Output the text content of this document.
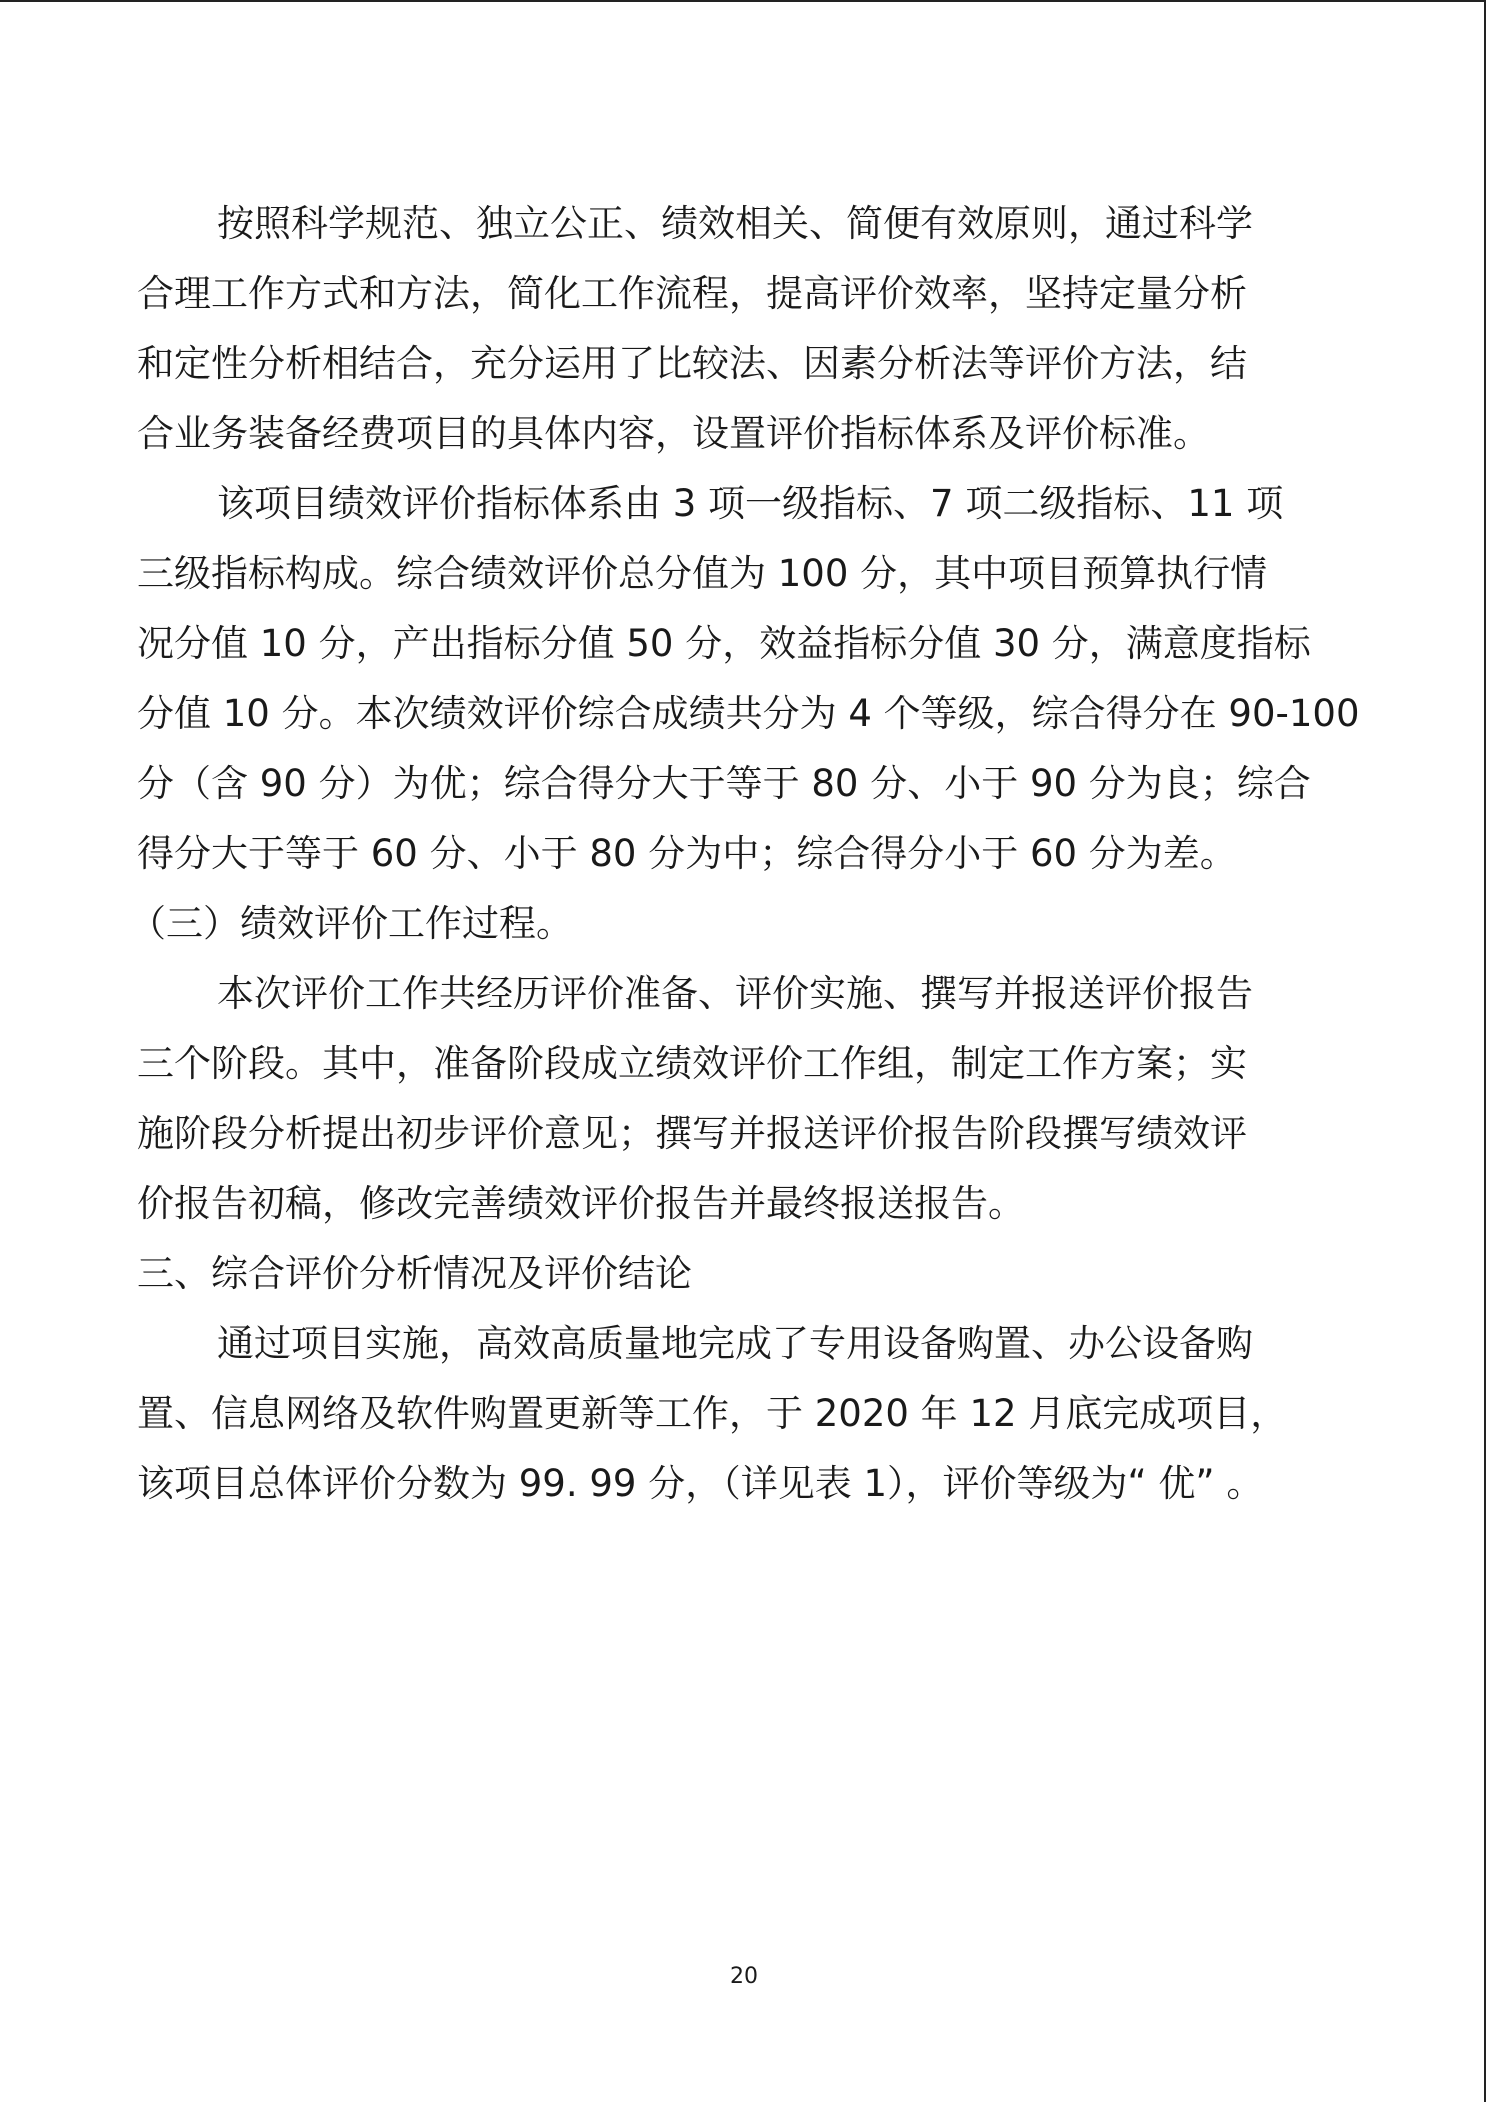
按照科学规范、独立公正、绩效相关、简便有效原则，通过科学
合理工作方式和方法，简化工作流程，提高评价效率，坚持定量分析
和定性分析相结合，充分运用了比较法、因素分析法等评价方法，结
合业务装备经费项目的具体内容，设置评价指标体系及评价标准。
该项目绩效评价指标体系由 3 项一级指标、7 项二级指标、11 项
三级指标构成。综合绩效评价总分值为 100 分，其中项目预算执行情
况分值 10 分，产出指标分值 50 分，效益指标分值 30 分，满意度指标
分值 10 分。本次绩效评价综合成绩共分为 4 个等级，综合得分在 90-100
分（含 90 分）为优；综合得分大于等于 80 分、小于 90 分为良；综合
得分大于等于 60 分、小于 80 分为中；综合得分小于 60 分为差。
（三）绩效评价工作过程。
本次评价工作共经历评价准备、评价实施、撰写并报送评价报告
三个阶段。其中，准备阶段成立绩效评价工作组，制定工作方案；实
施阶段分析提出初步评价意见；撰写并报送评价报告阶段撰写绩效评
价报告初稿，修改完善绩效评价报告并最终报送报告。
三、综合评价分析情况及评价结论
通过项目实施，高效高质量地完成了专用设备购置、办公设备购
置、信息网络及软件购置更新等工作，于 2020 年 12 月底完成项目，
该项目总体评价分数为 99. 99 分，（详见表 1），评价等级为“ 优” 。
20
